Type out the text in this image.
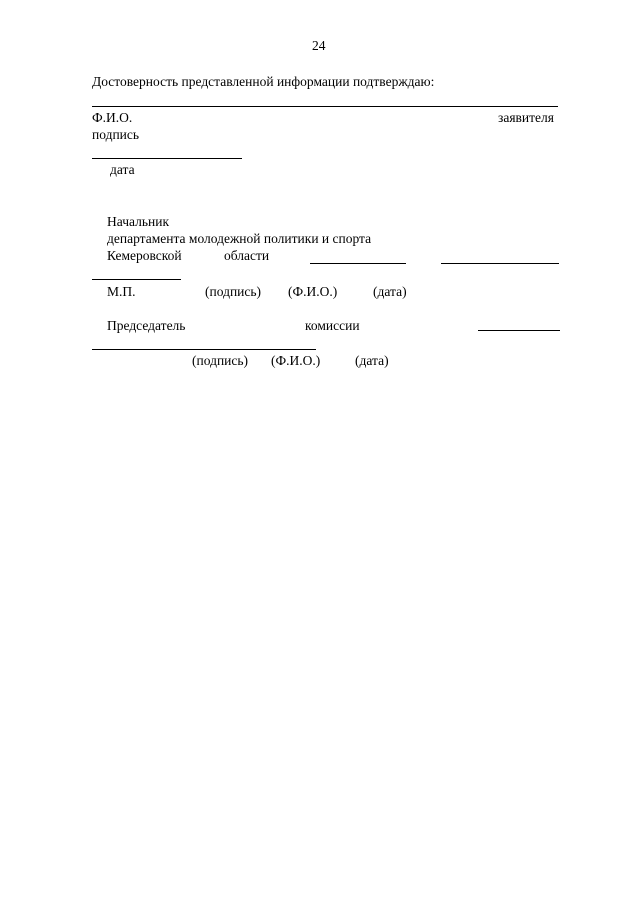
24
Достоверность представленной информации подтверждаю:
Ф.И.О.	заявителя
подпись
дата
Начальник
департамента молодежной политики и спорта
Кемеровской	области
М.П.	(подпись) (Ф.И.О.)	(дата)
Председатель	комиссии
(подпись) (Ф.И.О.)	(дата)
